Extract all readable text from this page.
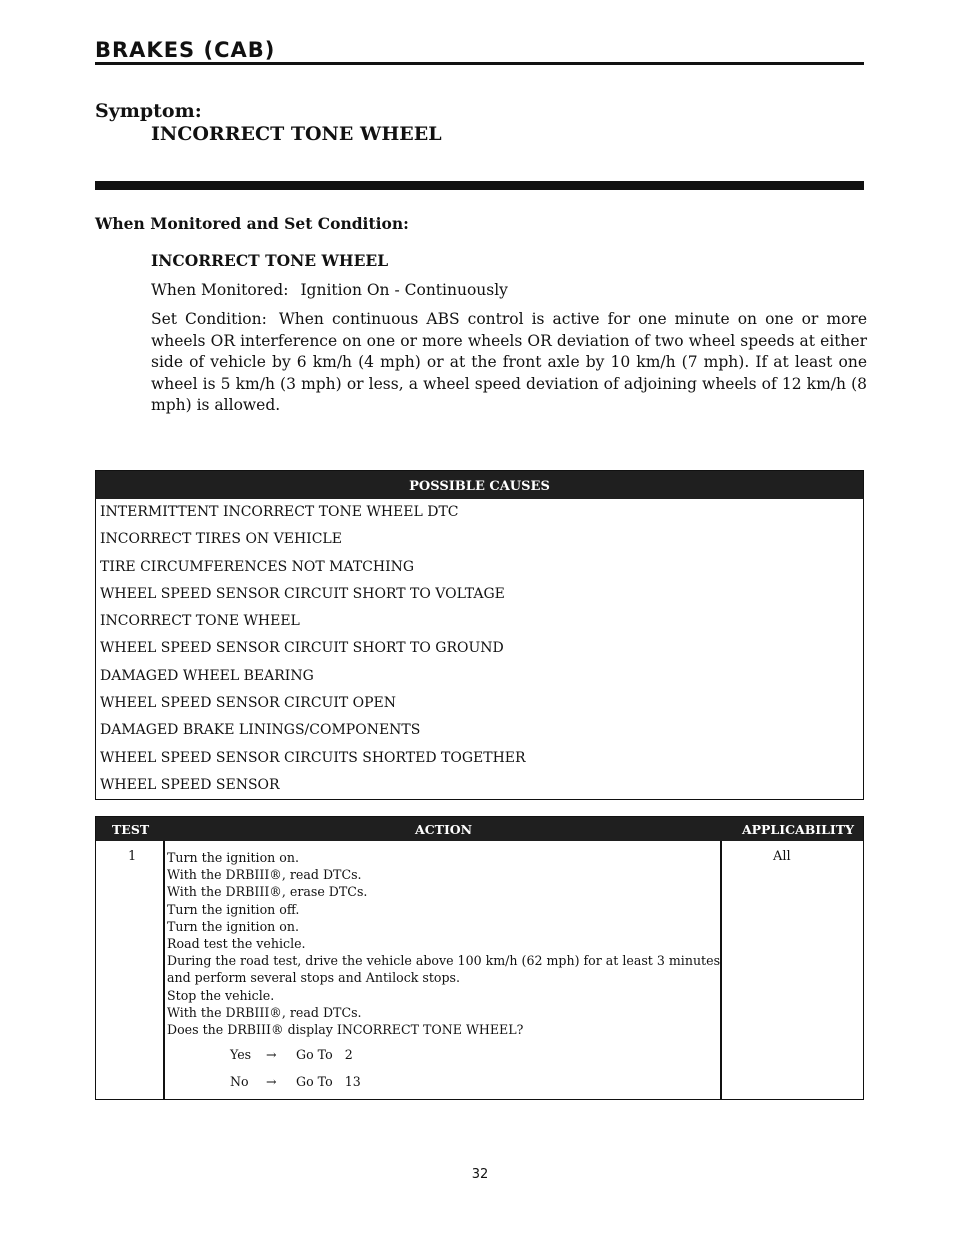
BRAKES (CAB)
Symptom:
INCORRECT TONE WHEEL
When Monitored and Set Condition:

INCORRECT TONE WHEEL

When Monitored: Ignition On - Continuously

Set Condition: When continuous ABS control is active for one minute on one or more wheels OR interference on one or more wheels OR deviation of two wheel speeds at either side of vehicle by 6 km/h (4 mph) or at the front axle by 10 km/h (7 mph). If at least one wheel is 5 km/h (3 mph) or less, a wheel speed deviation of adjoining wheels of 12 km/h (8 mph) is allowed.

POSSIBLE CAUSES
INTERMITTENT INCORRECT TONE WHEEL DTC
INCORRECT TIRES ON VEHICLE
TIRE CIRCUMFERENCES NOT MATCHING
WHEEL SPEED SENSOR CIRCUIT SHORT TO VOLTAGE
INCORRECT TONE WHEEL
WHEEL SPEED SENSOR CIRCUIT SHORT TO GROUND
DAMAGED WHEEL BEARING
WHEEL SPEED SENSOR CIRCUIT OPEN
DAMAGED BRAKE LININGS/COMPONENTS
WHEEL SPEED SENSOR CIRCUITS SHORTED TOGETHER
WHEEL SPEED SENSOR
TEST	ACTION	APPLICABILITY
1 Turn the ignition on.
With the DRBIII®, read DTCs.
With the DRBIII®, erase DTCs.
Turn the ignition off.
Turn the ignition on.
Road test the vehicle.
During the road test, drive the vehicle above 100 km/h (62 mph) for at least 3 minutes
and perform several stops and Antilock stops.
Stop the vehicle.
With the DRBIII®, read DTCs.
Does the DRBIII® display INCORRECT TONE WHEEL?
Yes → Go To   2
No → Go To   13
All
32
